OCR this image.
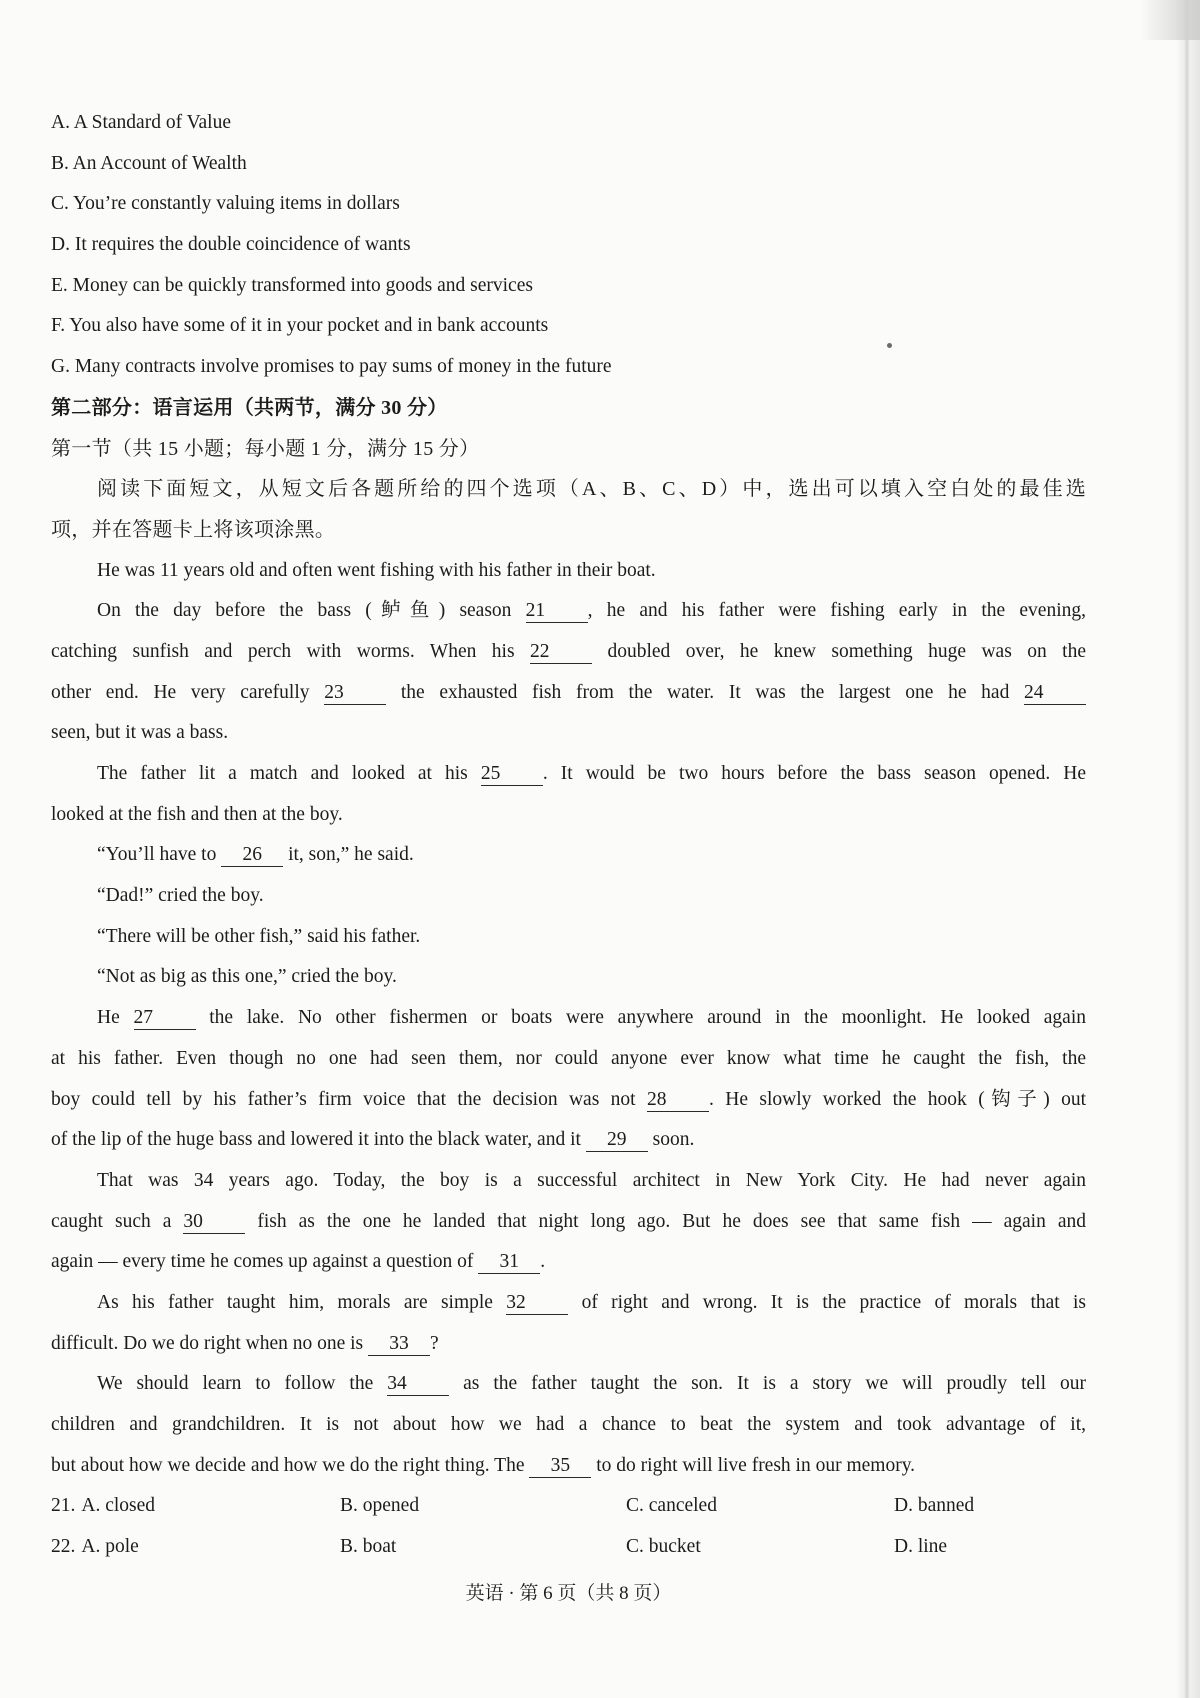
A. A Standard of Value
B. An Account of Wealth
C. You’re constantly valuing items in dollars
D. It requires the double coincidence of wants
E. Money can be quickly transformed into goods and services
F. You also have some of it in your pocket and in bank accounts
G. Many contracts involve promises to pay sums of money in the future
第二部分：语言运用（共两节，满分 30 分）
第一节（共 15 小题；每小题 1 分，满分 15 分）
阅读下面短文，从短文后各题所给的四个选项（A、B、C、D）中，选出可以填入空白处的最佳选
项，并在答题卡上将该项涂黑。
He was 11 years old and often went fishing with his father in their boat.
On the day before the bass (鲈鱼) season 21 , he and his father were fishing early in the evening,
catching sunfish and perch with worms. When his 22 doubled over, he knew something huge was on the
other end. He very carefully 23 the exhausted fish from the water. It was the largest one he had 24
seen, but it was a bass.
The father lit a match and looked at his 25 . It would be two hours before the bass season opened. He
looked at the fish and then at the boy.
“You’ll have to 26 it, son,” he said.
“Dad!” cried the boy.
“There will be other fish,” said his father.
“Not as big as this one,” cried the boy.
He 27 the lake. No other fishermen or boats were anywhere around in the moonlight. He looked again
at his father. Even though no one had seen them, nor could anyone ever know what time he caught the fish, the
boy could tell by his father’s firm voice that the decision was not 28 . He slowly worked the hook (钩子) out
of the lip of the huge bass and lowered it into the black water, and it 29 soon.
That was 34 years ago. Today, the boy is a successful architect in New York City. He had never again
caught such a 30 fish as the one he landed that night long ago. But he does see that same fish — again and
again — every time he comes up against a question of 31 .
As his father taught him, morals are simple 32 of right and wrong. It is the practice of morals that is
difficult. Do we do right when no one is 33 ?
We should learn to follow the 34 as the father taught the son. It is a story we will proudly tell our
children and grandchildren. It is not about how we had a chance to beat the system and took advantage of it,
but about how we decide and how we do the right thing. The 35 to do right will live fresh in our memory.
21. A. closed	B. opened	C. canceled	D. banned
22. A. pole	B. boat	C. bucket	D. line
英语 · 第 6 页（共 8 页）
